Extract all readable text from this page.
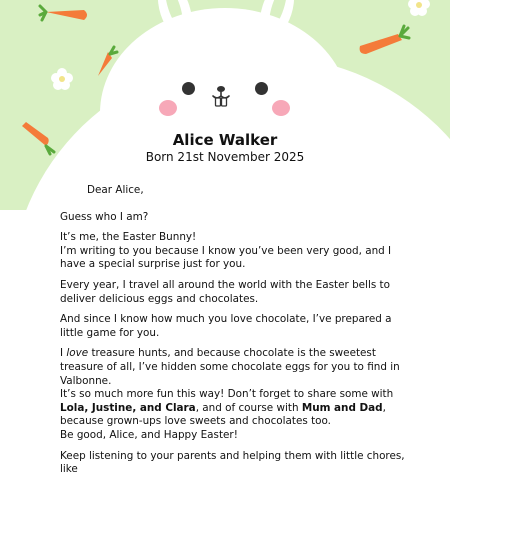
Alice Walker
Born 21st November 2025

Dear Alice,

Guess who I am?

It’s me, the Easter Bunny!

I’m writing to you because I know you’ve been very good, and I have a special surprise just for you.

Every year, I travel all around the world with the Easter bells to deliver delicious eggs and chocolates.

And since I know how much you love chocolate, I’ve prepared a little game for you.

I love treasure hunts, and because chocolate is the sweetest treasure of all, I’ve hidden some chocolate eggs for you to find in Valbonne.

It’s so much more fun this way! Don’t forget to share some with Lola, Justine, and Clara, and of course with Mum and Dad, because grown-ups love sweets and chocolates too.

Be good, Alice, and Happy Easter!

Keep listening to your parents and helping them with little chores, like
